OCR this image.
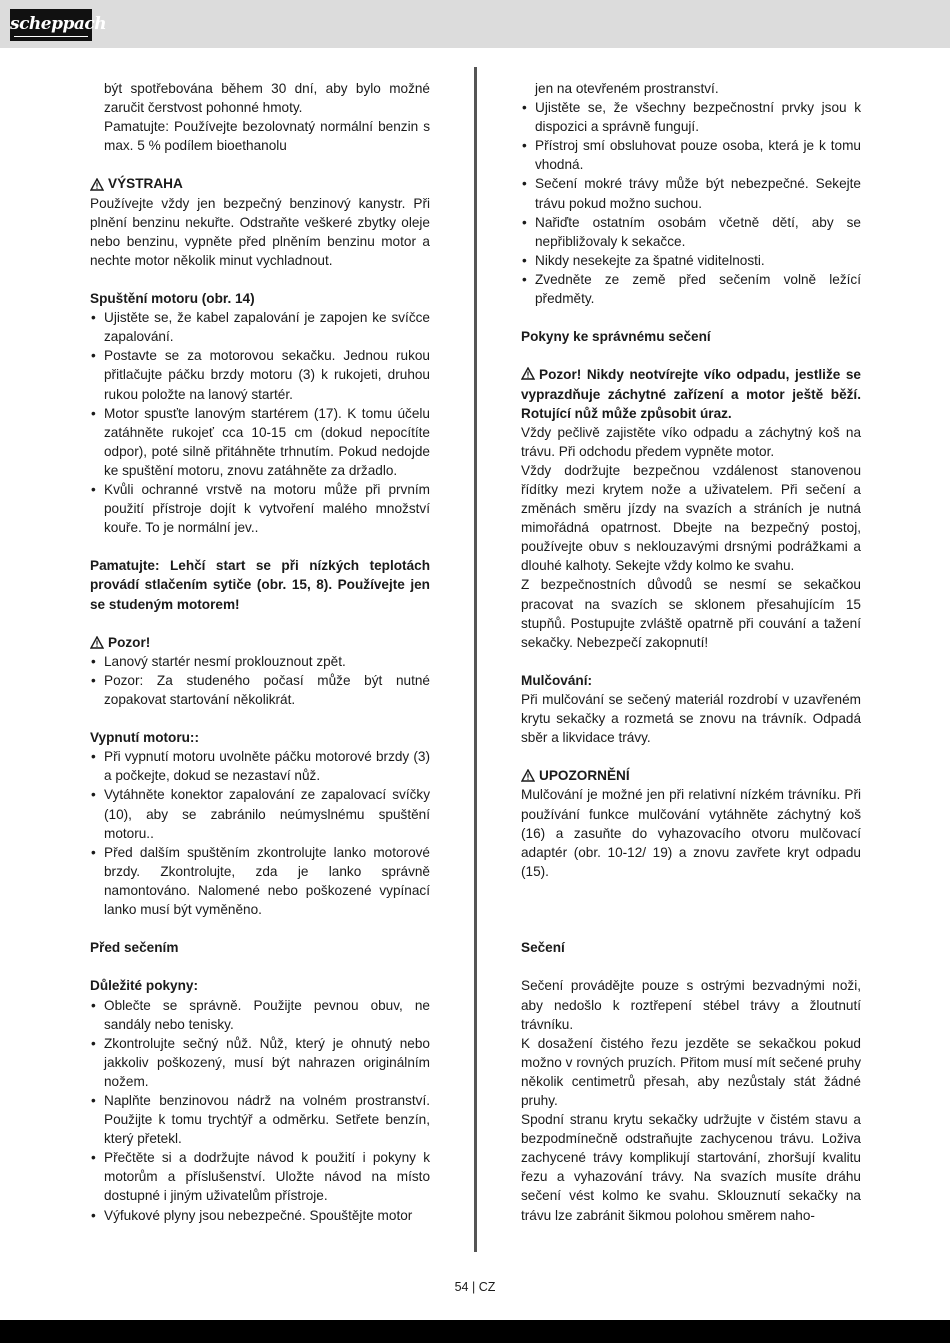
scheppach

být spotřebována během 30 dní, aby bylo možné zaručit čerstvost pohonné hmoty.

Pamatujte: Používejte bezolovnatý normální benzin s max. 5 % podílem bioethanolu

VÝSTRAHA

Používejte vždy jen bezpečný benzinový kanystr. Při plnění benzinu nekuřte. Odstraňte veškeré zbytky oleje nebo benzinu, vypněte před plněním benzinu motor a nechte motor několik minut vychladnout.

Spuštění motoru (obr. 14)
• Ujistěte se, že kabel zapalování je zapojen ke svíčce zapalování.
• Postavte se za motorovou sekačku. Jednou rukou přitlačujte páčku brzdy motoru (3) k rukojeti, druhou rukou položte na lanový startér.
• Motor spusťte lanovým startérem (17). K tomu účelu zatáhněte rukojeť cca 10-15 cm (dokud nepocítíte odpor), poté silně přitáhněte trhnutím. Pokud nedojde ke spuštění motoru, znovu zatáhněte za držadlo.
• Kvůli ochranné vrstvě na motoru může při prvním použití přístroje dojít k vytvoření malého množství kouře. To je normální jev..

Pamatujte: Lehčí start se při nízkých teplotách provádí stlačením sytiče (obr. 15, 8). Používejte jen se studeným motorem!

Pozor!
• Lanový startér nesmí proklouznout zpět.
• Pozor: Za studeného počasí může být nutné zopakovat startování několikrát.
Vypnutí motoru::
• Při vypnutí motoru uvolněte páčku motorové brzdy (3) a počkejte, dokud se nezastaví nůž.
• Vytáhněte konektor zapalování ze zapalovací svíčky (10), aby se zabránilo neúmyslnému spuštění motoru..
• Před dalším spuštěním zkontrolujte lanko motorové brzdy. Zkontrolujte, zda je lanko správně namontováno. Nalomené nebo poškozené vypínací lanko musí být vyměněno.
Před sečením
Důležité pokyny:
• Oblečte se správně. Použijte pevnou obuv, ne sandály nebo tenisky.
• Zkontrolujte sečný nůž. Nůž, který je ohnutý nebo jakkoliv poškozený, musí být nahrazen originálním nožem.
• Naplňte benzinovou nádrž na volném prostranství. Použijte k tomu trychtýř a odměrku. Setřete benzín, který přetekl.
• Přečtěte si a dodržujte návod k použití i pokyny k motorům a příslušenství. Uložte návod na místo dostupné i jiným uživatelům přístroje.
• Výfukové plyny jsou nebezpečné. Spouštějte motor

jen na otevřeném prostranství.

• Ujistěte se, že všechny bezpečnostní prvky jsou k dispozici a správně fungují.
• Přístroj smí obsluhovat pouze osoba, která je k tomu vhodná.
• Sečení mokré trávy může být nebezpečné. Sekejte trávu pokud možno suchou.
• Nařiďte ostatním osobám včetně dětí, aby se nepřibližovaly k sekačce.
• Nikdy nesekejte za špatné viditelnosti.
• Zvedněte ze země před sečením volně ležící předměty.
Pokyny ke správnému sečení

Pozor! Nikdy neotvírejte víko odpadu, jestliže se vyprazdňuje záchytné zařízení a motor ještě běží. Rotující nůž může způsobit úraz.

Vždy pečlivě zajistěte víko odpadu a záchytný koš na trávu. Při odchodu předem vypněte motor.
Vždy dodržujte bezpečnou vzdálenost stanovenou řídítky mezi krytem nože a uživatelem. Při sečení a změnách směru jízdy na svazích a stráních je nutná mimořádná opatrnost. Dbejte na bezpečný postoj, používejte obuv s neklouzavými drsnými podrážkami a dlouhé kalhoty. Sekejte vždy kolmo ke svahu.
Z bezpečnostních důvodů se nesmí se sekačkou pracovat na svazích se sklonem přesahujícím 15 stupňů. Postupujte zvláště opatrně při couvání a tažení sekačky. Nebezpečí zakopnutí!

Mulčování:

Při mulčování se sečený materiál rozdrobí v uzavřeném krytu sekačky a rozmetá se znovu na trávník. Odpadá sběr a likvidace trávy.

UPOZORNĚNÍ

Mulčování je možné jen při relativní nízkém trávníku. Při používání funkce mulčování vytáhněte záchytný koš (16) a zasuňte do vyhazovacího otvoru mulčovací adaptér (obr. 10-12/ 19) a znovu zavřete kryt odpadu (15).

Sečení

Sečení provádějte pouze s ostrými bezvadnými noži, aby nedošlo k roztřepení stébel trávy a žloutnutí trávníku.
K dosažení čistého řezu jezděte se sekačkou pokud možno v rovných pruzích. Přitom musí mít sečené pruhy několik centimetrů přesah, aby nezůstaly stát žádné pruhy.
Spodní stranu krytu sekačky udržujte v čistém stavu a bezpodmínečně odstraňujte zachycenou trávu. Loživa zachycené trávy komplikují startování, zhoršují kvalitu řezu a vyhazování trávy. Na svazích musíte dráhu sečení vést kolmo ke svahu. Sklouznutí sekačky na trávu lze zabránit šikmou polohou směrem naho-

54 | CZ
